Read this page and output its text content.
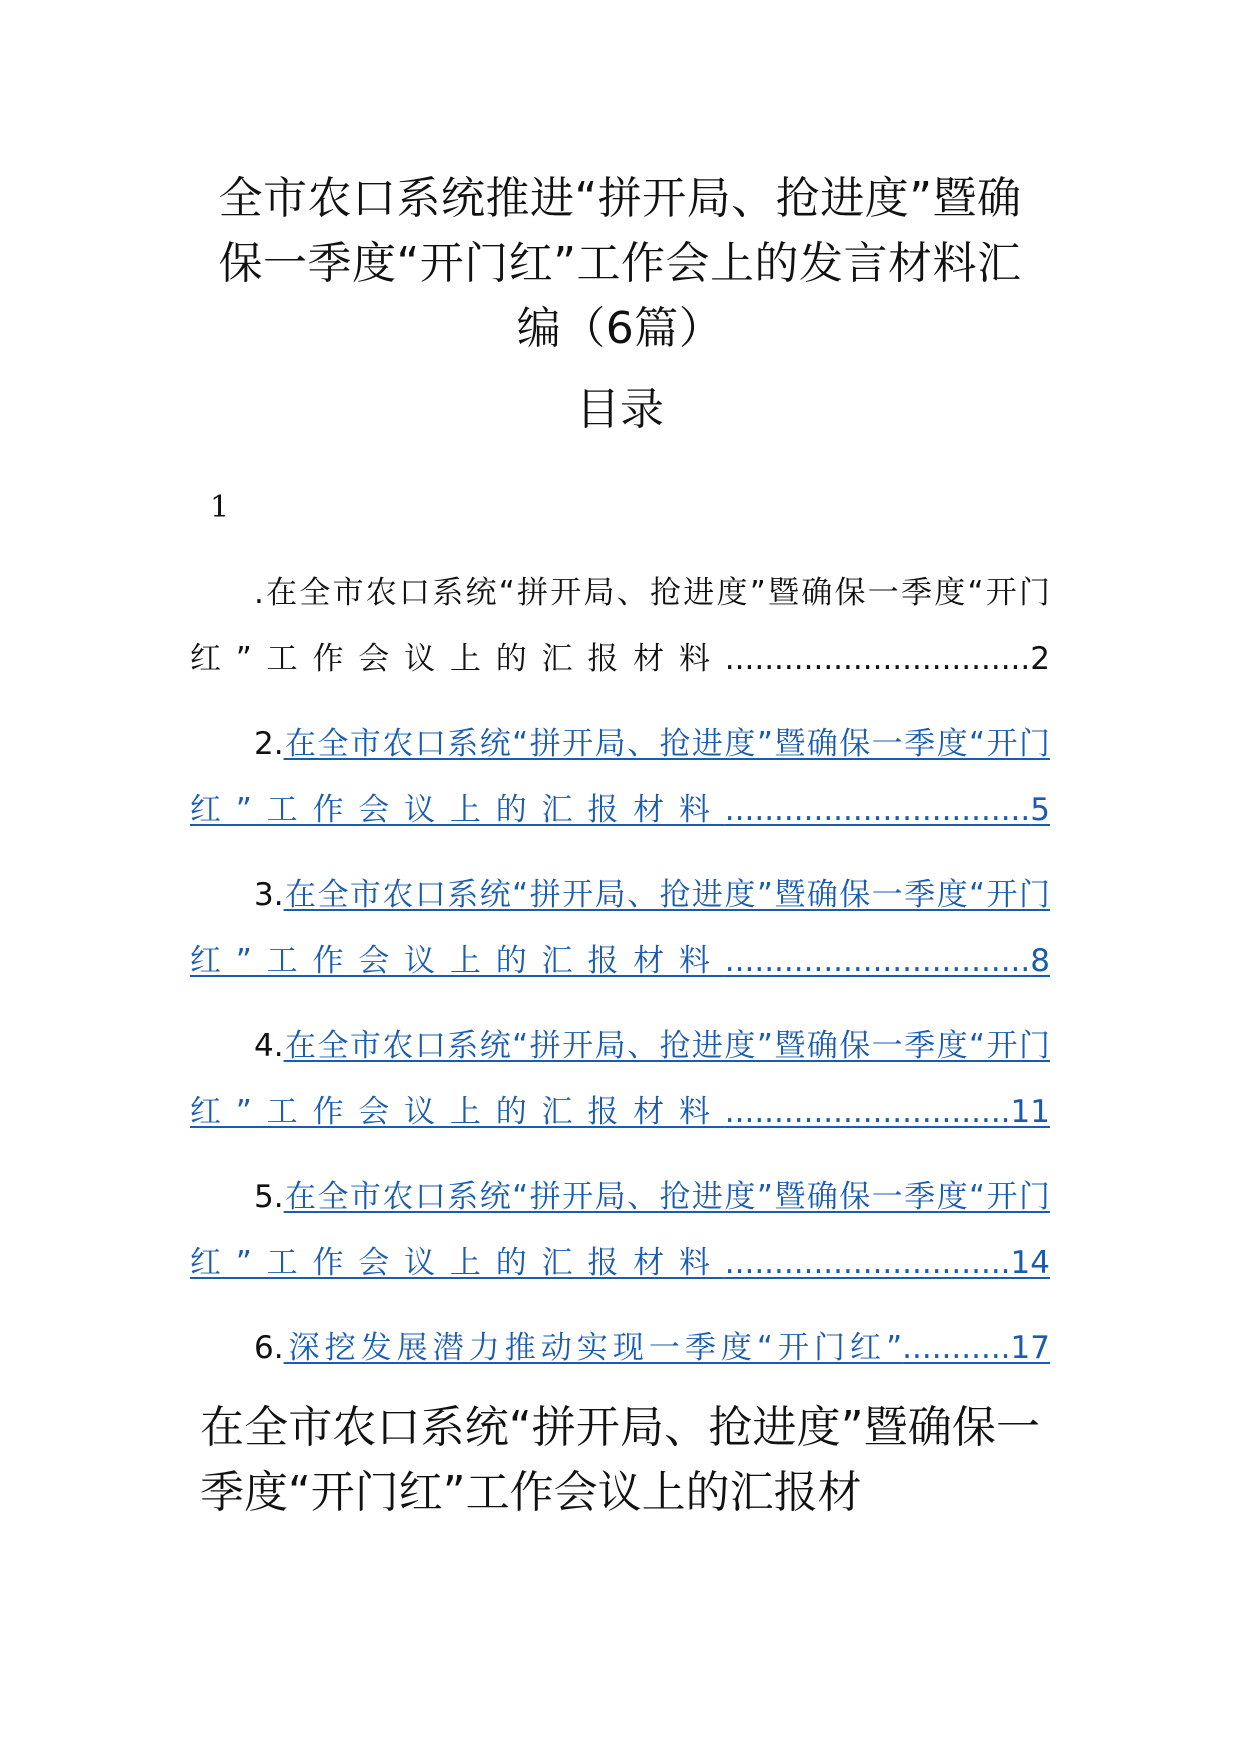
全市农口系统推进“拼开局、抢进度”暨确保一季度“开门红”工作会上的发言材料汇编（6篇）
目录
1
.在全市农口系统“拼开局、抢进度”暨确保一季度“开门红”工作会议上的汇报材料...............................2
2.在全市农口系统“拼开局、抢进度”暨确保一季度“开门红”工作会议上的汇报材料...............................5
3.在全市农口系统“拼开局、抢进度”暨确保一季度“开门红”工作会议上的汇报材料...............................8
4.在全市农口系统“拼开局、抢进度”暨确保一季度“开门红”工作会议上的汇报材料.............................11
5.在全市农口系统“拼开局、抢进度”暨确保一季度“开门红”工作会议上的汇报材料.............................14
6.深挖发展潜力推动实现一季度“开门红”...........17
在全市农口系统“拼开局、抢进度”暨确保一季度“开门红”工作会议上的汇报材
